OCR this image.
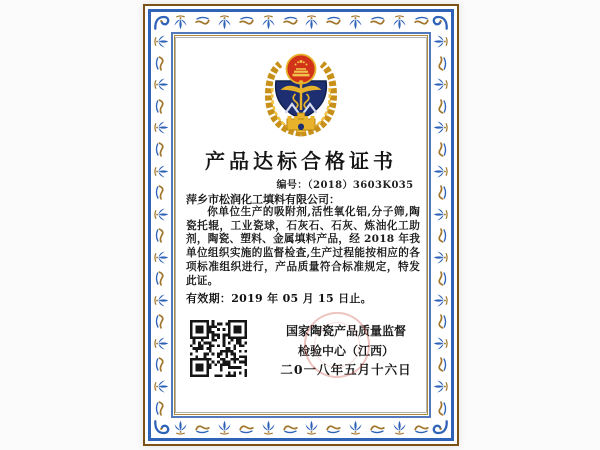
产品达标合格证书
编号：（2018）3603K035
萍乡市松润化工填料有限公司：

你单位生产的吸附剂,活性氧化铝,分子筛,陶瓷托辊，工业瓷球，石灰石、石灰、炼油化工助剂，陶瓷、塑料、金属填料产品，经 2018 年我单位组织实施的监督检查,生产过程能按相应的各项标准组织进行，产品质量符合标准规定，特发此证。

有效期：2019 年 05 月 15 日止。
国家陶瓷产品质量监督
检验中心（江西）
二0一八年五月十六日
